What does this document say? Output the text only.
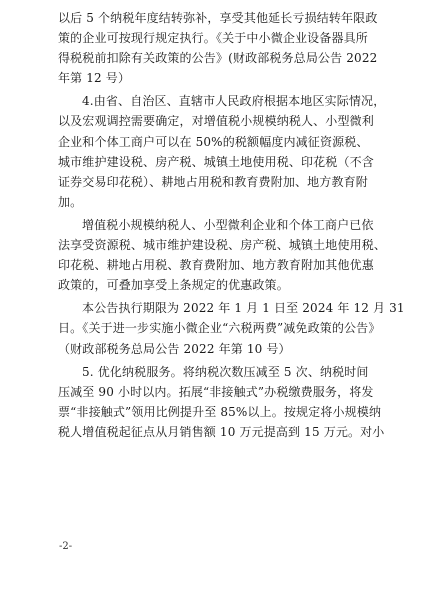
以后 5 个纳税年度结转弥补，享受其他延长亏损结转年限政
策的企业可按现行规定执行。《关于中小微企业设备器具所
得税税前扣除有关政策的公告》(财政部税务总局公告 2022
年第 12 号）
4.由省、自治区、直辖市人民政府根据本地区实际情况，
以及宏观调控需要确定，对增值税小规模纳税人、小型微利
企业和个体工商户可以在 50%的税额幅度内减征资源税、
城市维护建设税、房产税、城镇土地使用税、印花税（不含
证券交易印花税）、耕地占用税和教育费附加、地方教育附
加。
增值税小规模纳税人、小型微利企业和个体工商户已依
法享受资源税、城市维护建设税、房产税、城镇土地使用税、
印花税、耕地占用税、教育费附加、地方教育附加其他优惠
政策的，可叠加享受上条规定的优惠政策。
本公告执行期限为 2022 年 1 月 1 日至 2024 年 12 月 31
日。《关于进一步实施小微企业“六税两费”减免政策的公告》
（财政部税务总局公告 2022 年第 10 号）
5. 优化纳税服务。将纳税次数压减至 5 次、纳税时间
压减至 90 小时以内。拓展“非接触式”办税缴费服务，将发
票“非接触式”领用比例提升至 85%以上。按规定将小规模纳
税人增值税起征点从月销售额 10 万元提高到 15 万元。对小
-2-
